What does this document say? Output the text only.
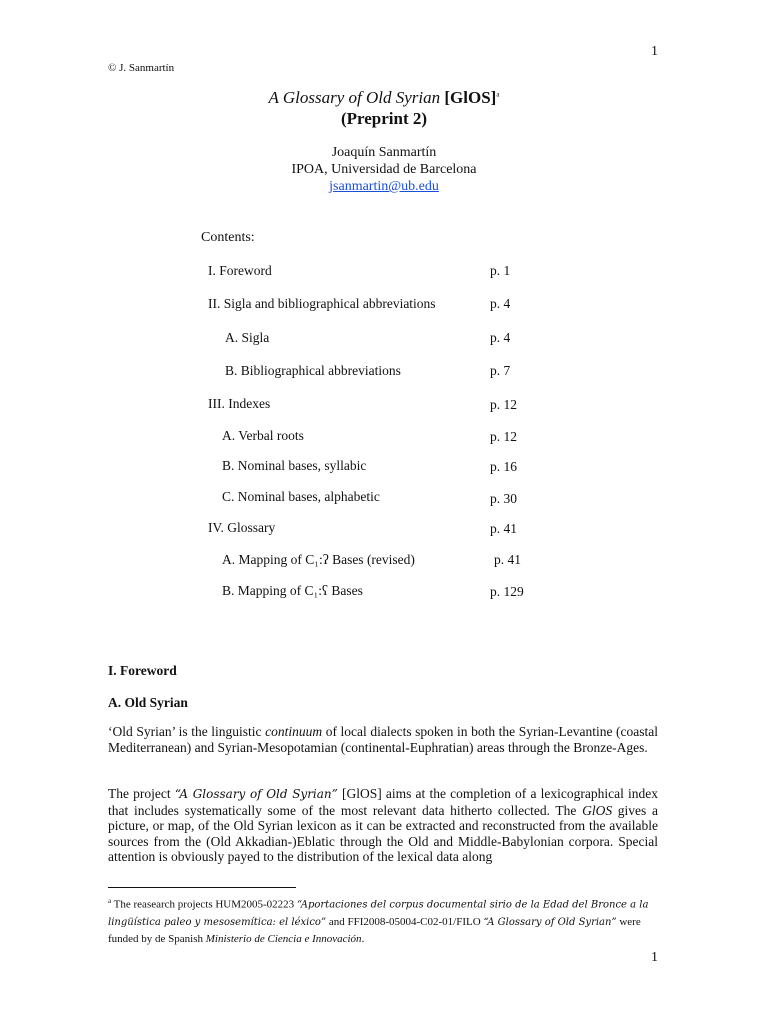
1
© J. Sanmartín
A Glossary of Old Syrian [GlOS]$^a$
(Preprint 2)
Joaquín Sanmartín
IPOA, Universidad de Barcelona
jsanmartin@ub.edu
Contents:
I. Foreword	p. 1
II. Sigla and bibliographical abbreviations	p. 4
A. Sigla	p. 4
B. Bibliographical abbreviations	p. 7
III. Indexes	p. 12
A. Verbal roots	p. 12
B. Nominal bases, syllabic	p. 16
C. Nominal bases, alphabetic	p. 30
IV. Glossary	p. 41
A. Mapping of C₁:ʔ Bases (revised)	p. 41
B. Mapping of C₁:ʕ Bases	p. 129
I. Foreword
A. Old Syrian
‘Old Syrian’ is the linguistic continuum of local dialects spoken in both the Syrian-Levantine (coastal Mediterranean) and Syrian-Mesopotamian (continental-Euphratian) areas through the Bronze-Ages.
The project “A Glossary of Old Syrian” [GlOS] aims at the completion of a lexicographical index that includes systematically some of the most relevant data hitherto collected. The GlOS gives a picture, or map, of the Old Syrian lexicon as it can be extracted and reconstructed from the available sources from the (Old Akkadian-)Eblatic through the Old and Middle-Babylonian corpora. Special attention is obviously payed to the distribution of the lexical data along
$^a$ The reasearch projects HUM2005-02223 “Aportaciones del corpus documental sirio de la Edad del Bronce a la lingüística paleo y mesosemítica: el léxico” and FFI2008-05004-C02-01/FILO “A Glossary of Old Syrian” were funded by de Spanish Ministerio de Ciencia e Innovación.
1
